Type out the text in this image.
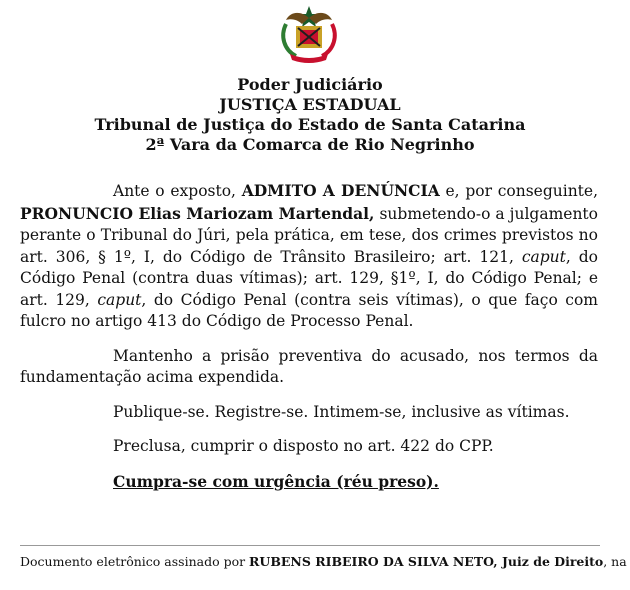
Poder Judiciário
JUSTIÇA ESTADUAL
Tribunal de Justiça do Estado de Santa Catarina
2ª Vara da Comarca de Rio Negrinho

Ante o exposto, ADMITO A DENÚNCIA e, por conseguinte, PRONUNCIO Elias Mariozam Martendal, submetendo-o a julgamento perante o Tribunal do Júri, pela prática, em tese, dos crimes previstos no art. 306, § 1º, I, do Código de Trânsito Brasileiro; art. 121, caput, do Código Penal (contra duas vítimas); art. 129, §1º, I, do Código Penal; e art. 129, caput, do Código Penal (contra seis vítimas), o que faço com fulcro no artigo 413 do Código de Processo Penal.

Mantenho a prisão preventiva do acusado, nos termos da fundamentação acima expendida.

Publique-se. Registre-se. Intimem-se, inclusive as vítimas.

Preclusa, cumprir o disposto no art. 422 do CPP.

Cumpra-se com urgência (réu preso).

Documento eletrônico assinado por RUBENS RIBEIRO DA SILVA NETO, Juiz de Direito, na
